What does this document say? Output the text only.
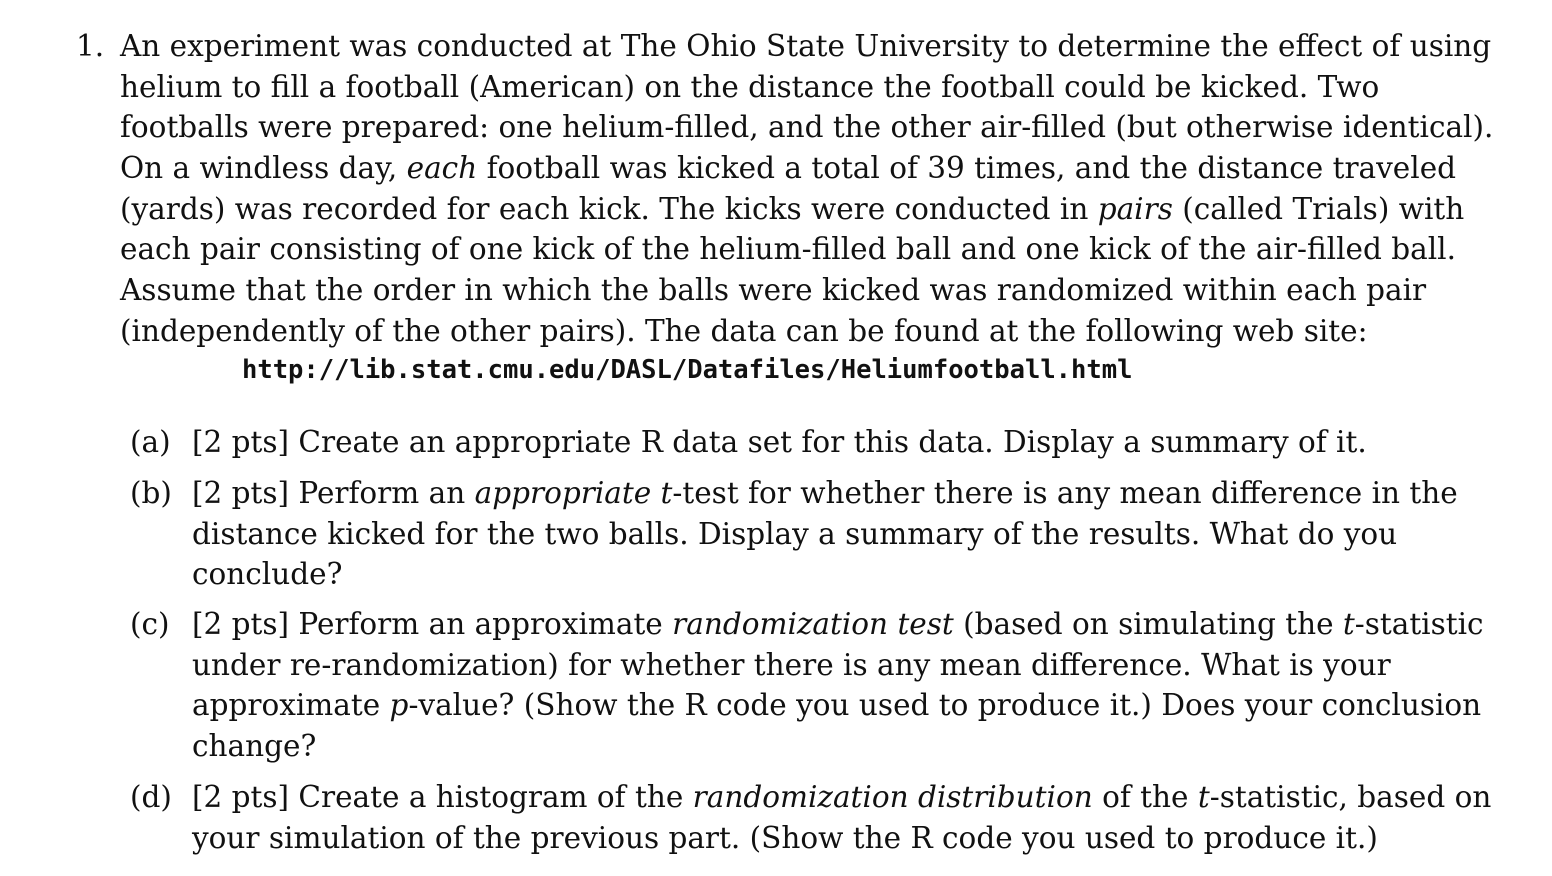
1. An experiment was conducted at The Ohio State University to determine the effect of using
helium to fill a football (American) on the distance the football could be kicked. Two
footballs were prepared: one helium-filled, and the other air-filled (but otherwise identical).
On a windless day, each football was kicked a total of 39 times, and the distance traveled
(yards) was recorded for each kick. The kicks were conducted in pairs (called Trials) with
each pair consisting of one kick of the helium-filled ball and one kick of the air-filled ball.
Assume that the order in which the balls were kicked was randomized within each pair
(independently of the other pairs). The data can be found at the following web site:
http://lib.stat.cmu.edu/DASL/Datafiles/Heliumfootball.html
(a) [2 pts] Create an appropriate R data set for this data. Display a summary of it.
(b) [2 pts] Perform an appropriate t-test for whether there is any mean difference in the
distance kicked for the two balls. Display a summary of the results. What do you
conclude?
(c) [2 pts] Perform an approximate randomization test (based on simulating the t-statistic
under re-randomization) for whether there is any mean difference. What is your
approximate p-value? (Show the R code you used to produce it.) Does your conclusion
change?
(d) [2 pts] Create a histogram of the randomization distribution of the t-statistic, based on
your simulation of the previous part. (Show the R code you used to produce it.)
